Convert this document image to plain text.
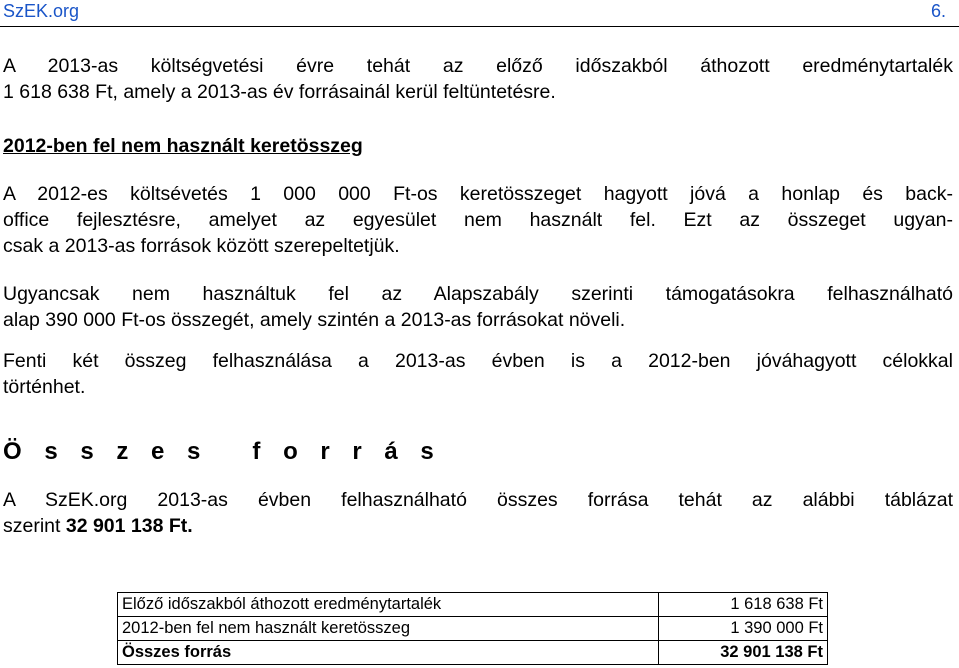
SzEK.org	6.
A 2013-as költségvetési évre tehát az előző időszakból áthozott eredménytartalék
1 618 638 Ft, amely a 2013-as év forrásainál kerül feltüntetésre.
2012-ben fel nem használt keretösszeg
A 2012-es költsévetés 1 000 000 Ft-os keretösszeget hagyott jóvá a honlap és back-
office fejlesztésre, amelyet az egyesület nem használt fel. Ezt az összeget ugyan-
csak a 2013-as források között szerepeltetjük.
Ugyancsak nem használtuk fel az Alapszabály szerinti támogatásokra felhasználható
alap 390 000 Ft-os összegét, amely szintén a 2013-as forrásokat növeli.
Fenti két összeg felhasználása a 2013-as évben is a 2012-ben jóváhagyott célokkal
történhet.
Ö s s z e s   f o r r á s
A SzEK.org 2013-as évben felhasználható összes forrása tehát az alábbi táblázat
szerint 32 901 138 Ft.
Előző időszakból áthozott eredménytartalék	1 618 638 Ft
2012-ben fel nem használt keretösszeg	1 390 000 Ft
Összes forrás	32 901 138 Ft
